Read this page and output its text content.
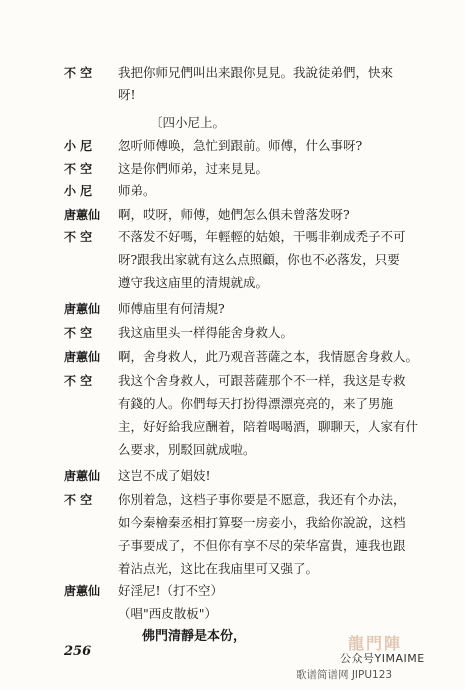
不 空	我把你师兄們叫出来跟你見見。我說徒弟們，快來
呀!
〔四小尼上。
小 尼	忽听师傅唤，急忙到跟前。师傅，什么事呀?
不 空	这是你們师弟，过来見見。
小 尼	师弟。
唐蕙仙	啊，哎呀，师傅，她們怎么俱未曾落发呀?
不 空	不落发不好嗎，年輕輕的姑娘，干嗎非剃成禿子不可
呀?跟我出家就有这么点照顧，你也不必落发，只要
遵守我这庙里的清規就成。
唐蕙仙	师傅庙里有何清規?
不 空	我这庙里头一样得能舍身救人。
唐蕙仙	啊，舍身救人，此乃观音菩薩之本，我情愿舍身救人。
不 空	我这个舍身救人，可跟菩薩那个不一样，我这是专救
有錢的人。你們每天打扮得漂漂亮亮的，来了男施
主，好好給我应酬着，陪着喝喝酒，聊聊天，人家有什
么要求，別駁回就成啦。
唐蕙仙	这岂不成了娼妓!
不 空	你別着急，这档子事你要是不愿意，我还有个办法，
如今秦檜秦丞相打算娶一房妾小，我給你說說，这档
子事要成了，不但你有享不尽的荣华富貴，連我也跟
着沾点光，这比在我庙里可又强了。
唐蕙仙	好淫尼!（打不空）
（唱"西皮散板"）
佛門清靜是本份，
256	龍門陣
公众号YIMAIME
歌谱简谱网 JIPU123
